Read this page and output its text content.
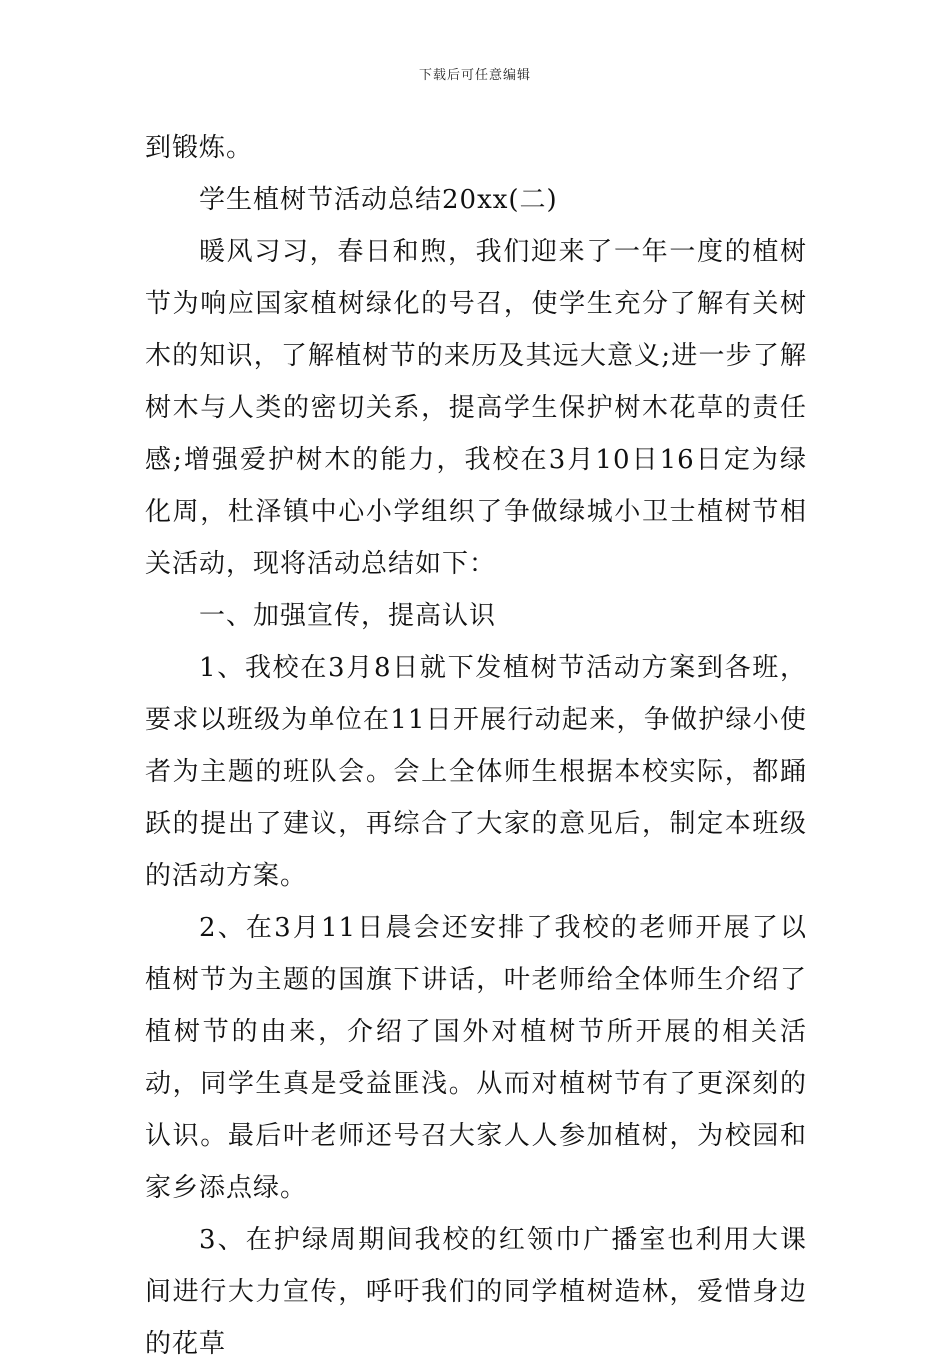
下载后可任意编辑

到锻炼。

学生植树节活动总结20xx(二)

暖风习习，春日和煦，我们迎来了一年一度的植树节为响应国家植树绿化的号召，使学生充分了解有关树木的知识，了解植树节的来历及其远大意义;进一步了解树木与人类的密切关系，提高学生保护树木花草的责任感;增强爱护树木的能力，我校在3月10日16日定为绿化周，杜泽镇中心小学组织了争做绿城小卫士植树节相关活动，现将活动总结如下：

一、加强宣传，提高认识

1、我校在3月8日就下发植树节活动方案到各班，要求以班级为单位在11日开展行动起来，争做护绿小使者为主题的班队会。会上全体师生根据本校实际，都踊跃的提出了建议，再综合了大家的意见后，制定本班级的活动方案。

2、在3月11日晨会还安排了我校的老师开展了以植树节为主题的国旗下讲话，叶老师给全体师生介绍了植树节的由来，介绍了国外对植树节所开展的相关活动，同学生真是受益匪浅。从而对植树节有了更深刻的认识。最后叶老师还号召大家人人参加植树，为校园和家乡添点绿。

3、在护绿周期间我校的红领巾广播室也利用大课间进行大力宣传，呼吁我们的同学植树造林，爱惜身边的花草
